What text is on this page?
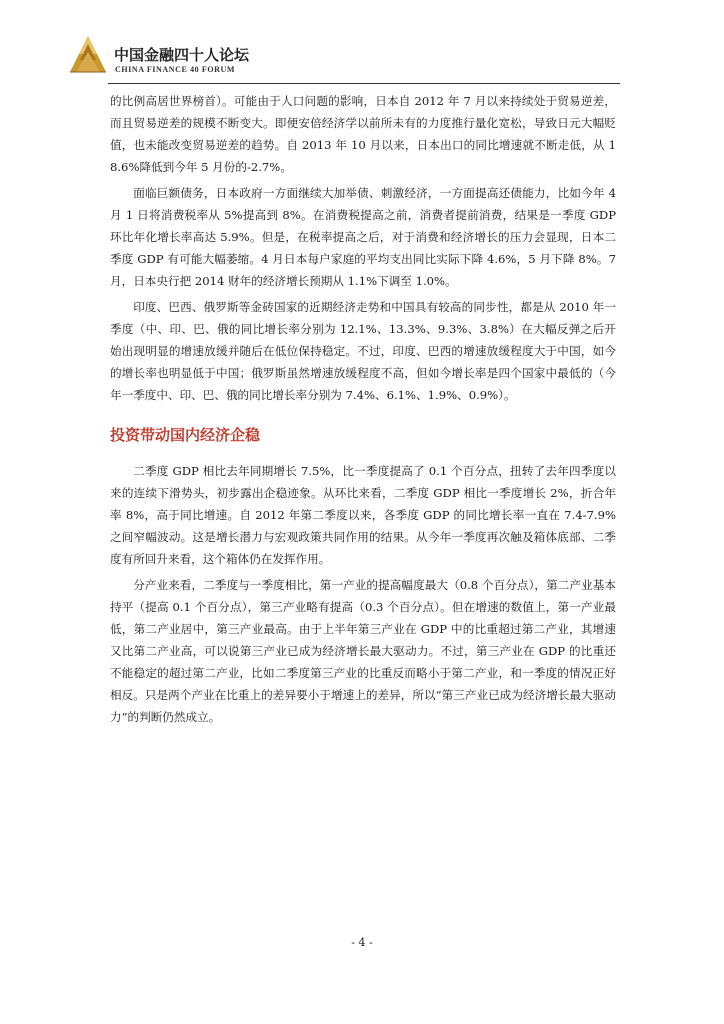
中国金融四十人论坛
CHINA FINANCE 40 FORUM

的比例高居世界榜首）。可能由于人口问题的影响，日本自 2012 年 7 月以来持续处于贸易逆差，而且贸易逆差的规模不断变大。即便安倍经济学以前所未有的力度推行量化宽松，导致日元大幅贬值，也未能改变贸易逆差的趋势。自 2013 年 10 月以来，日本出口的同比增速就不断走低，从 18.6%降低到今年 5 月份的-2.7%。

面临巨额债务，日本政府一方面继续大加举债、刺激经济，一方面提高还债能力，比如今年 4 月 1 日将消费税率从 5%提高到 8%。在消费税提高之前，消费者提前消费，结果是一季度 GDP 环比年化增长率高达 5.9%。但是，在税率提高之后，对于消费和经济增长的压力会显现，日本二季度 GDP 有可能大幅萎缩。4 月日本每户家庭的平均支出同比实际下降 4.6%，5 月下降 8%。7 月，日本央行把 2014 财年的经济增长预期从 1.1%下调至 1.0%。

印度、巴西、俄罗斯等金砖国家的近期经济走势和中国具有较高的同步性，都是从 2010 年一季度（中、印、巴、俄的同比增长率分别为 12.1%、13.3%、9.3%、3.8%）在大幅反弹之后开始出现明显的增速放缓并随后在低位保持稳定。不过，印度、巴西的增速放缓程度大于中国，如今的增长率也明显低于中国；俄罗斯虽然增速放缓程度不高，但如今增长率是四个国家中最低的（今年一季度中、印、巴、俄的同比增长率分别为 7.4%、6.1%、1.9%、0.9%）。

投资带动国内经济企稳

二季度 GDP 相比去年同期增长 7.5%，比一季度提高了 0.1 个百分点，扭转了去年四季度以来的连续下滑势头，初步露出企稳迹象。从环比来看，二季度 GDP 相比一季度增长 2%，折合年率 8%，高于同比增速。自 2012 年第二季度以来，各季度 GDP 的同比增长率一直在 7.4-7.9%之间窄幅波动。这是增长潜力与宏观政策共同作用的结果。从今年一季度再次触及箱体底部、二季度有所回升来看，这个箱体仍在发挥作用。

分产业来看，二季度与一季度相比，第一产业的提高幅度最大（0.8 个百分点），第二产业基本持平（提高 0.1 个百分点），第三产业略有提高（0.3 个百分点）。但在增速的数值上，第一产业最低，第二产业居中，第三产业最高。由于上半年第三产业在 GDP 中的比重超过第二产业，其增速又比第二产业高，可以说第三产业已成为经济增长最大驱动力。不过，第三产业在 GDP 的比重还不能稳定的超过第二产业，比如二季度第三产业的比重反而略小于第二产业，和一季度的情况正好相反。只是两个产业在比重上的差异要小于增速上的差异，所以“第三产业已成为经济增长最大驱动力”的判断仍然成立。

- 4 -
